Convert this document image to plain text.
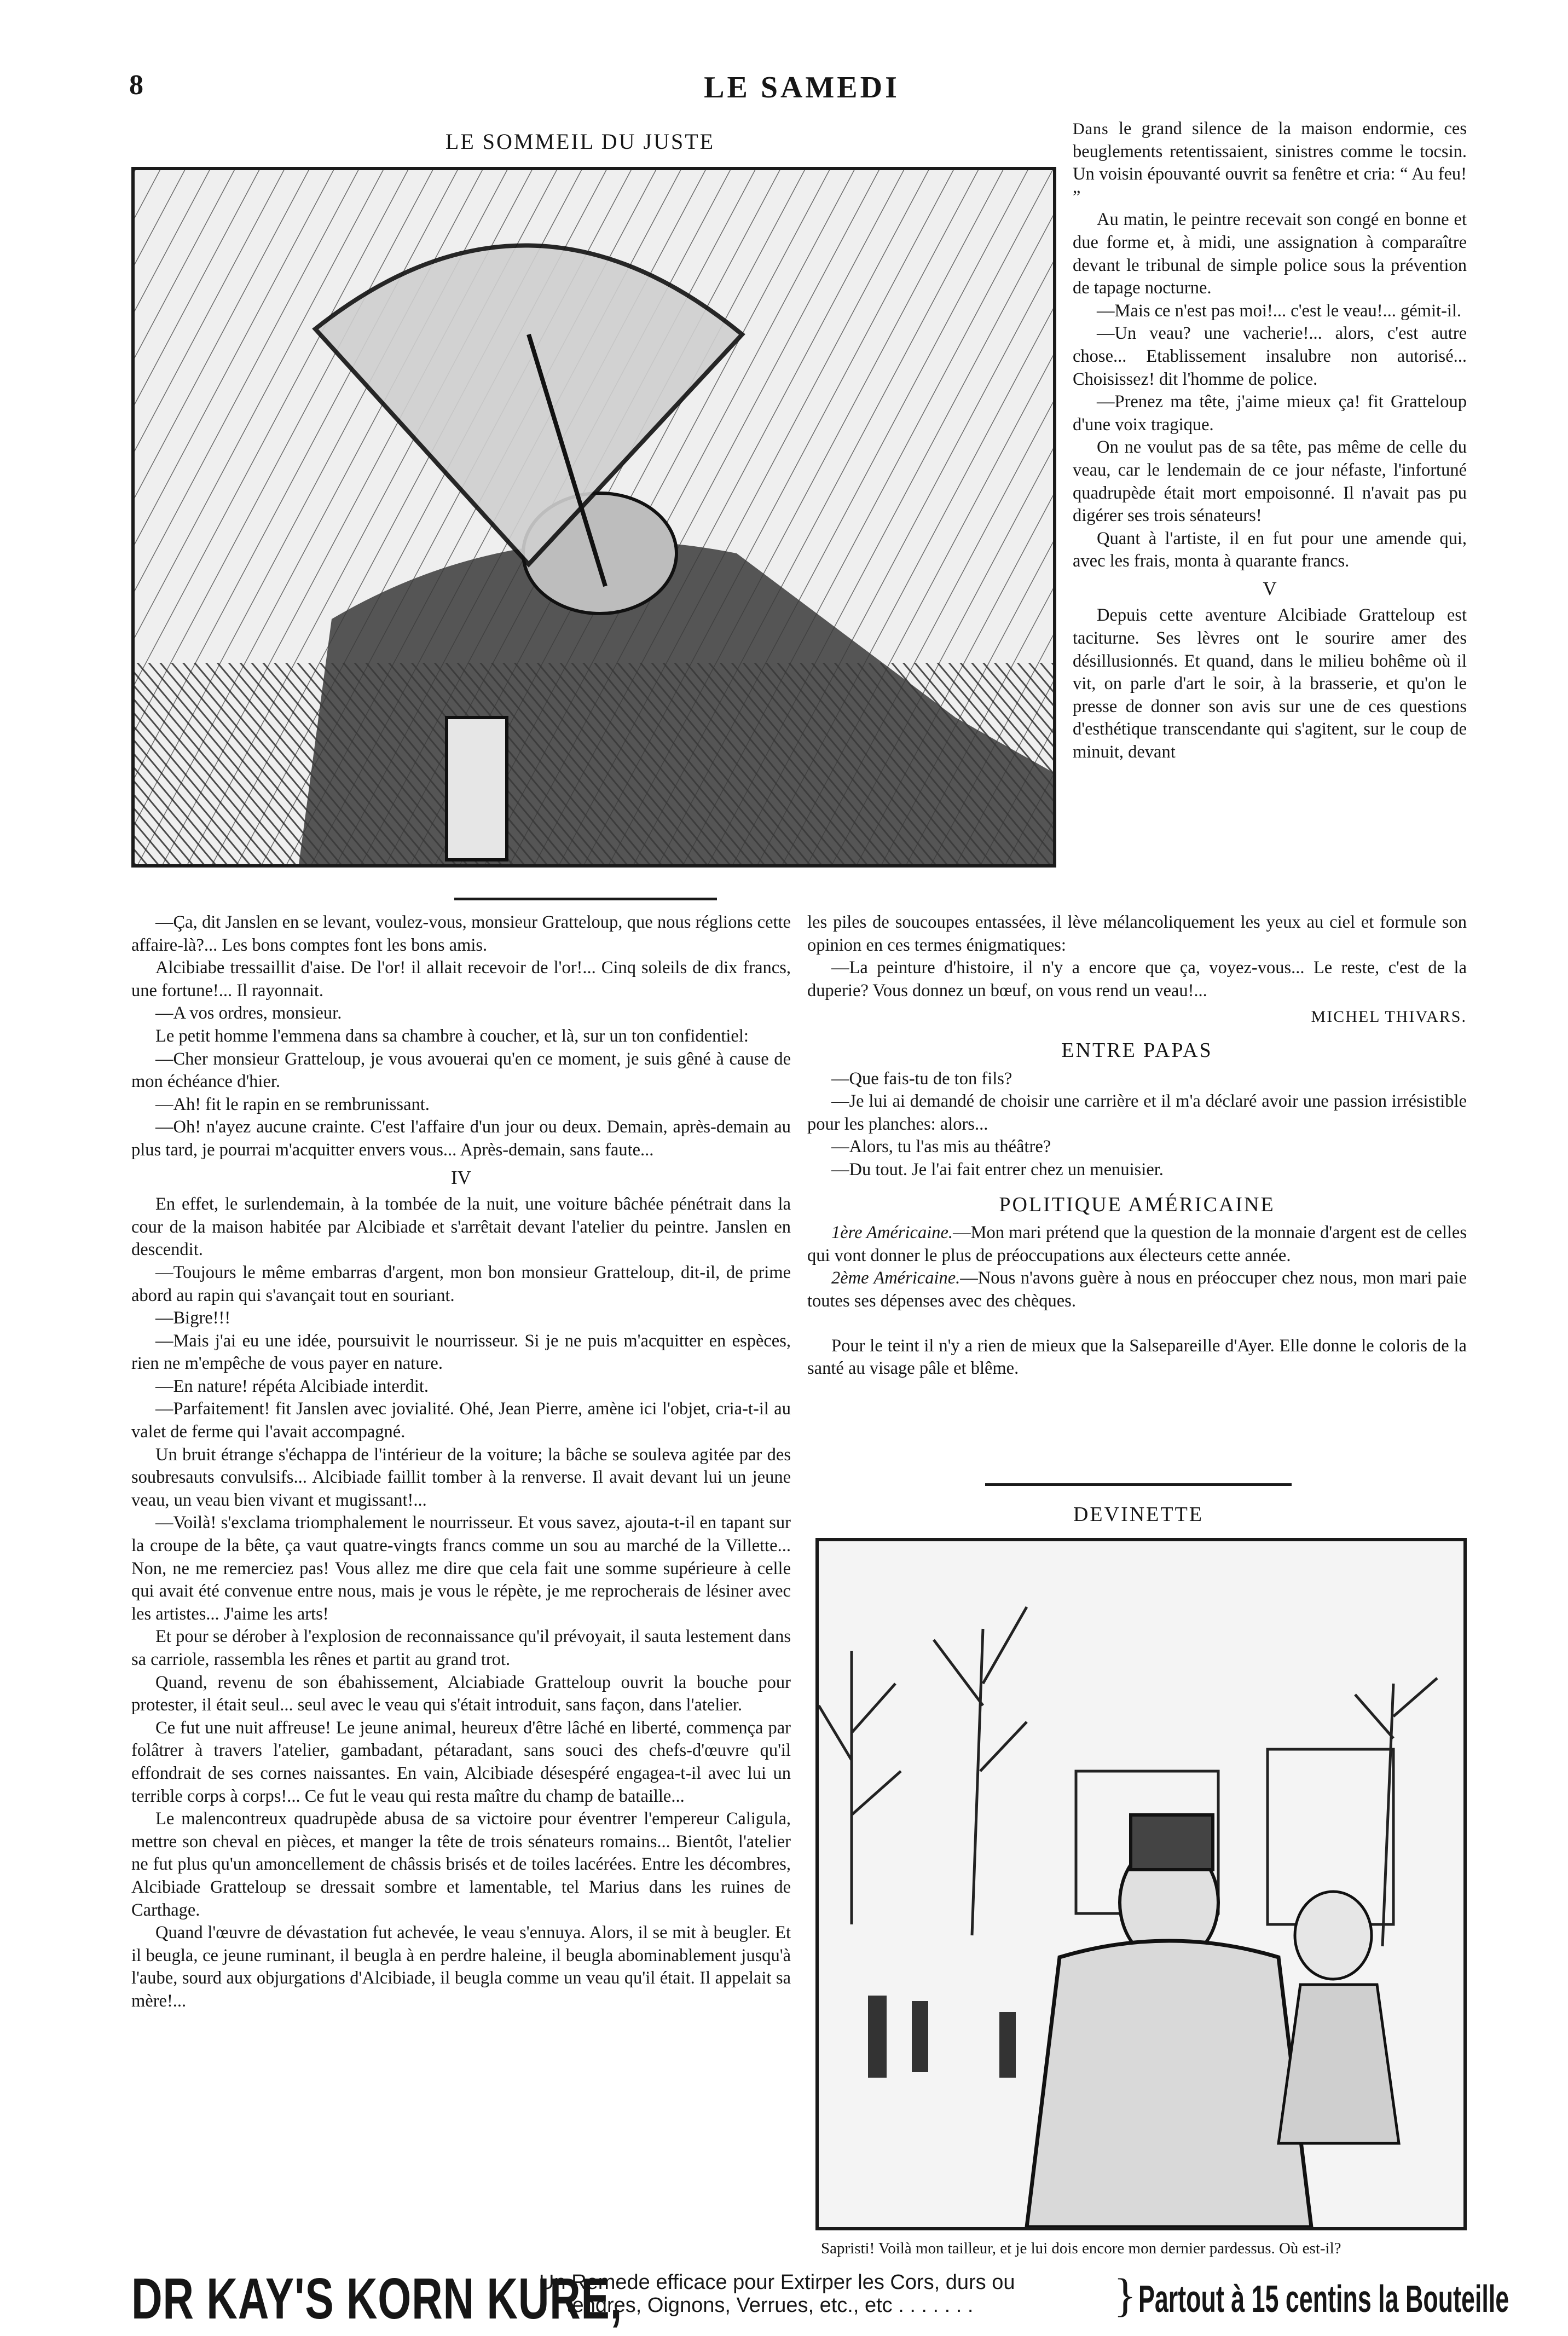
8	LE SAMEDI
LE SOMMEIL DU JUSTE

Dans le grand silence de la maison endormie, ces beuglements retentissaient, sinistres comme le tocsin. Un voisin épouvanté ouvrit sa fenêtre et cria: “ Au feu! ”

Au matin, le peintre recevait son congé en bonne et due forme et, à midi, une assignation à comparaître devant le tribunal de simple police sous la prévention de tapage nocturne.

—Mais ce n'est pas moi!... c'est le veau!... gémit-il.

—Un veau? une vacherie!... alors, c'est autre chose... Etablissement insalubre non autorisé... Choisissez! dit l'homme de police.

—Prenez ma tête, j'aime mieux ça! fit Gratteloup d'une voix tragique.

On ne voulut pas de sa tête, pas même de celle du veau, car le lendemain de ce jour néfaste, l'infortuné quadrupède était mort empoisonné. Il n'avait pas pu digérer ses trois sénateurs!

Quant à l'artiste, il en fut pour une amende qui, avec les frais, monta à quarante francs.

V

Depuis cette aventure Alcibiade Gratteloup est taciturne. Ses lèvres ont le sourire amer des désillusionnés. Et quand, dans le milieu bohême où il vit, on parle d'art le soir, à la brasserie, et qu'on le presse de donner son avis sur une de ces questions d'esthétique transcendante qui s'agitent, sur le coup de minuit, devant

—Ça, dit Janslen en se levant, voulez-vous, monsieur Gratteloup, que nous réglions cette affaire-là?... Les bons comptes font les bons amis.

Alcibiabe tressaillit d'aise. De l'or! il allait recevoir de l'or!... Cinq soleils de dix francs, une fortune!... Il rayonnait.

—A vos ordres, monsieur.

Le petit homme l'emmena dans sa chambre à coucher, et là, sur un ton confidentiel:

—Cher monsieur Gratteloup, je vous avouerai qu'en ce moment, je suis gêné à cause de mon échéance d'hier.

—Ah! fit le rapin en se rembrunissant.

—Oh! n'ayez aucune crainte. C'est l'affaire d'un jour ou deux. Demain, après-demain au plus tard, je pourrai m'acquitter envers vous... Après-demain, sans faute...

IV

En effet, le surlendemain, à la tombée de la nuit, une voiture bâchée pénétrait dans la cour de la maison habitée par Alcibiade et s'arrêtait devant l'atelier du peintre. Janslen en descendit.

—Toujours le même embarras d'argent, mon bon monsieur Gratteloup, dit-il, de prime abord au rapin qui s'avançait tout en souriant.

—Bigre!!!

—Mais j'ai eu une idée, poursuivit le nourrisseur. Si je ne puis m'acquitter en espèces, rien ne m'empêche de vous payer en nature.

—En nature! répéta Alcibiade interdit.

—Parfaitement! fit Janslen avec jovialité. Ohé, Jean Pierre, amène ici l'objet, cria-t-il au valet de ferme qui l'avait accompagné.

Un bruit étrange s'échappa de l'intérieur de la voiture; la bâche se souleva agitée par des soubresauts convulsifs... Alcibiade faillit tomber à la renverse. Il avait devant lui un jeune veau, un veau bien vivant et mugissant!...

—Voilà! s'exclama triomphalement le nourrisseur. Et vous savez, ajouta-t-il en tapant sur la croupe de la bête, ça vaut quatre-vingts francs comme un sou au marché de la Villette... Non, ne me remerciez pas! Vous allez me dire que cela fait une somme supérieure à celle qui avait été convenue entre nous, mais je vous le répète, je me reprocherais de lésiner avec les artistes... J'aime les arts!

Et pour se dérober à l'explosion de reconnaissance qu'il prévoyait, il sauta lestement dans sa carriole, rassembla les rênes et partit au grand trot.

Quand, revenu de son ébahissement, Alciabiade Gratteloup ouvrit la bouche pour protester, il était seul... seul avec le veau qui s'était introduit, sans façon, dans l'atelier.

Ce fut une nuit affreuse! Le jeune animal, heureux d'être lâché en liberté, commença par folâtrer à travers l'atelier, gambadant, pétaradant, sans souci des chefs-d'œuvre qu'il effondrait de ses cornes naissantes. En vain, Alcibiade désespéré engagea-t-il avec lui un terrible corps à corps!... Ce fut le veau qui resta maître du champ de bataille...

Le malencontreux quadrupède abusa de sa victoire pour éventrer l'empereur Caligula, mettre son cheval en pièces, et manger la tête de trois sénateurs romains... Bientôt, l'atelier ne fut plus qu'un amoncellement de châssis brisés et de toiles lacérées. Entre les décombres, Alcibiade Gratteloup se dressait sombre et lamentable, tel Marius dans les ruines de Carthage.

Quand l'œuvre de dévastation fut achevée, le veau s'ennuya. Alors, il se mit à beugler. Et il beugla, ce jeune ruminant, il beugla à en perdre haleine, il beugla abominablement jusqu'à l'aube, sourd aux objurgations d'Alcibiade, il beugla comme un veau qu'il était. Il appelait sa mère!...

les piles de soucoupes entassées, il lève mélancoliquement les yeux au ciel et formule son opinion en ces termes énigmatiques:

—La peinture d'histoire, il n'y a encore que ça, voyez-vous... Le reste, c'est de la duperie? Vous donnez un bœuf, on vous rend un veau!...

MICHEL THIVARS.
ENTRE PAPAS

—Que fais-tu de ton fils?

—Je lui ai demandé de choisir une carrière et il m'a déclaré avoir une passion irrésistible pour les planches: alors...

—Alors, tu l'as mis au théâtre?

—Du tout. Je l'ai fait entrer chez un menuisier.

POLITIQUE AMÉRICAINE

1ère Américaine.—Mon mari prétend que la question de la monnaie d'argent est de celles qui vont donner le plus de préoccupations aux électeurs cette année.

2ème Américaine.—Nous n'avons guère à nous en préoccuper chez nous, mon mari paie toutes ses dépenses avec des chèques.

Pour le teint il n'y a rien de mieux que la Salsepareille d'Ayer. Elle donne le coloris de la santé au visage pâle et blême.

DEVINETTE
Sapristi! Voilà mon tailleur, et je lui dois encore mon dernier pardessus. Où est-il?
DR KAY'S KORN KURE,
Un Remede efficace pour Extirper les Cors, durs ou
tendres, Oignons, Verrues, etc., etc . . . . . . .	} Partout à 15 centins la Bouteille
